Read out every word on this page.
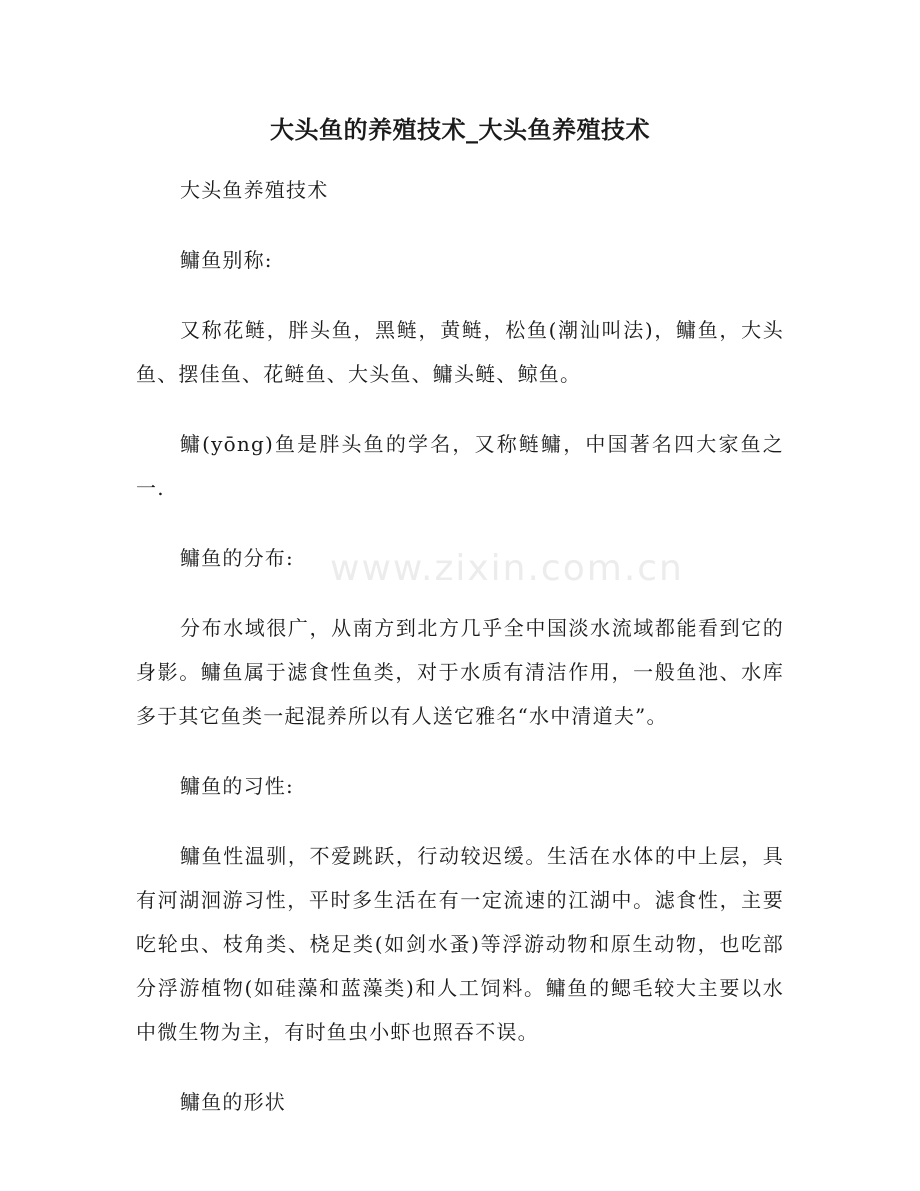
大头鱼的养殖技术_大头鱼养殖技术

大头鱼养殖技术

鳙鱼别称:

又称花鲢，胖头鱼，黑鲢，黄鲢，松鱼(潮汕叫法)，鳙鱼，大头鱼、摆佳鱼、花鲢鱼、大头鱼、鳙头鲢、鲸鱼。

鳙(yōng)鱼是胖头鱼的学名，又称鲢鳙，中国著名四大家鱼之一.

鳙鱼的分布:

分布水域很广，从南方到北方几乎全中国淡水流域都能看到它的身影。鳙鱼属于滤食性鱼类，对于水质有清洁作用，一般鱼池、水库多于其它鱼类一起混养所以有人送它雅名“水中清道夫”。

鳙鱼的习性:

鳙鱼性温驯，不爱跳跃，行动较迟缓。生活在水体的中上层，具有河湖洄游习性，平时多生活在有一定流速的江湖中。滤食性，主要吃轮虫、枝角类、桡足类(如剑水蚤)等浮游动物和原生动物，也吃部分浮游植物(如硅藻和蓝藻类)和人工饲料。鳙鱼的鳃毛较大主要以水中微生物为主，有时鱼虫小虾也照吞不误。

鳙鱼的形状

www.zixin.com.cn
